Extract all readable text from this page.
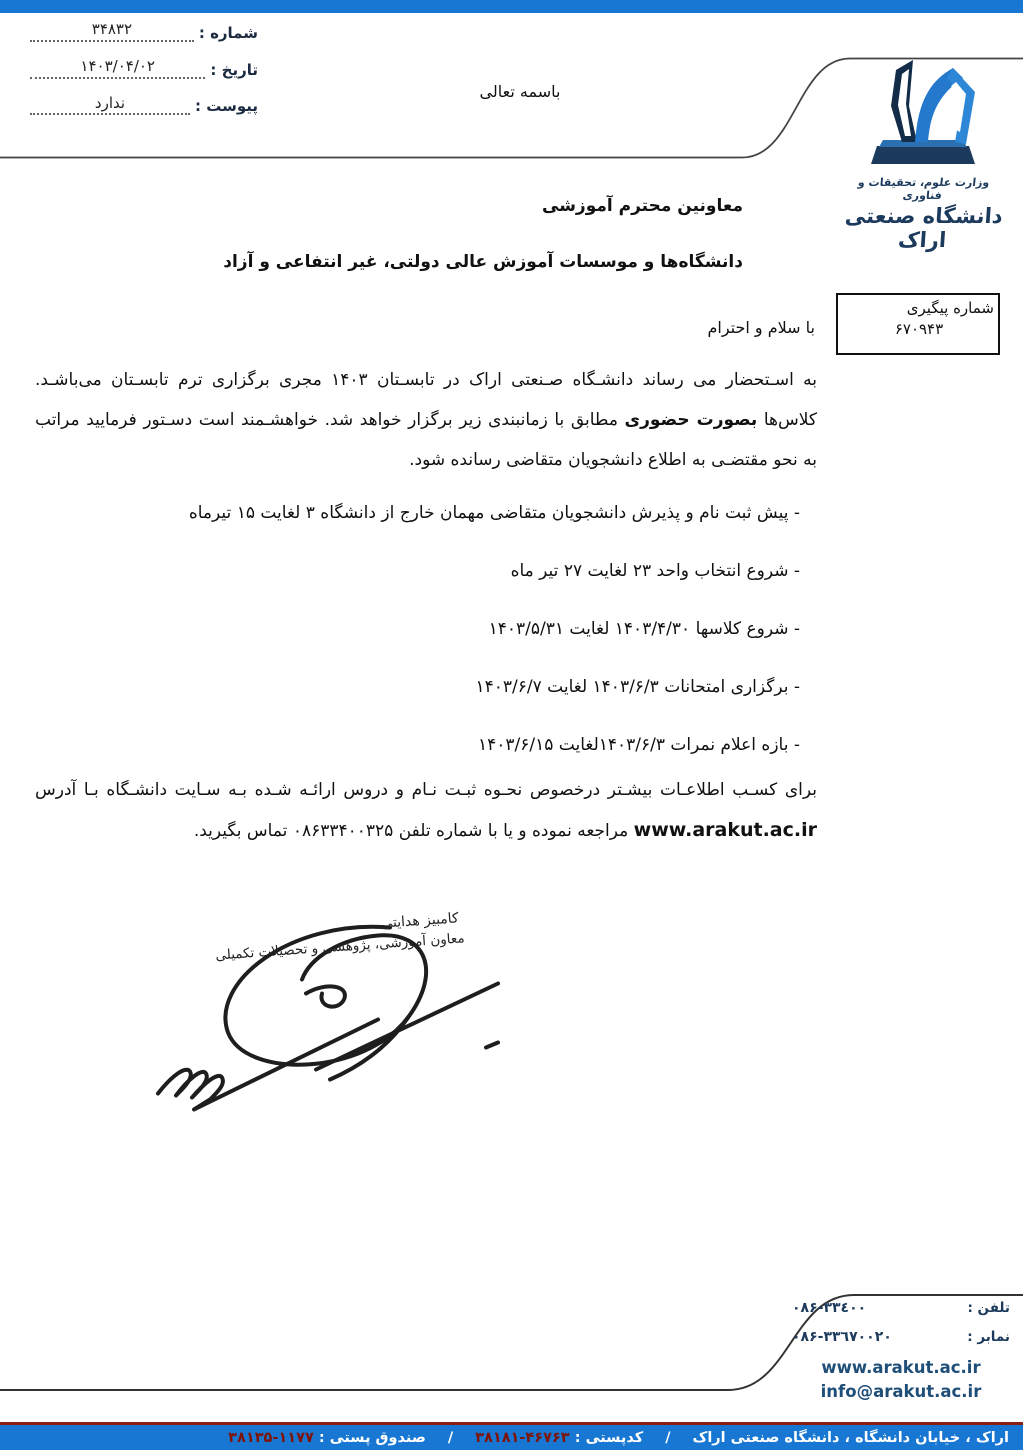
شماره :
۳۴۸۳۲
تاریخ :
۱۴۰۳/۰۴/۰۲
پیوست :
ندارد
باسمه تعالی
وزارت علوم، تحقیقات و فناوری
دانشگاه صنعتی اراک
شماره پیگیری
۶۷۰۹۴۳
معاونین محترم آموزشی
دانشگاه‌ها و موسسات آموزش عالی دولتی، غیر انتفاعی و آزاد
با سلام و احترام
به اسـتحضار می رساند دانشـگاه صـنعتی اراک در تابسـتان ۱۴۰۳ مجری برگزاری ترم تابسـتان می‌باشـد. کلاس‌ها بصورت حضوری مطابق با زمانبندی زیر برگزار خواهد شد. خواهشـمند است دسـتور فرمایید مراتب به نحو مقتضـی به اطلاع دانشجویان متقاضی رسانده شود.
- پیش ثبت نام و پذیرش دانشجویان متقاضی مهمان خارج از دانشگاه ۳ لغایت ۱۵ تیرماه
- شروع انتخاب واحد ۲۳ لغایت ۲۷ تیر ماه
- شروع کلاسها ۱۴۰۳/۴/۳۰ لغایت ۱۴۰۳/۵/۳۱
- برگزاری امتحانات ۱۴۰۳/۶/۳ لغایت ۱۴۰۳/۶/۷
- بازه اعلام نمرات ۱۴۰۳/۶/۳لغایت ۱۴۰۳/۶/۱۵
برای کسـب اطلاعـات بیشـتر درخصوص نحـوه ثبـت نـام و دروس ارائـه شـده بـه سـایت دانشـگاه بـا آدرس www.arakut.ac.ir مراجعه نموده و یا با شماره تلفن ۰۸۶۳۳۴۰۰۳۲۵ تماس بگیرید.
کامبیز هدایتی
معاون آموزشی، پژوهشی و تحصیلات تکمیلی
تلفن :
۰۸۶-۳۳٤۰۰
نمابر :
۰۸۶-۳۳٦۷۰۰۲۰
www.arakut.ac.ir
info@arakut.ac.ir
اراک ، خیابان دانشگاه ، دانشگاه صنعتی اراک
/
کدپستی :

۳۸۱۸۱-۴۶۷۶۳
/
صندوق پستی :

۳۸۱۳۵-۱۱۷۷
